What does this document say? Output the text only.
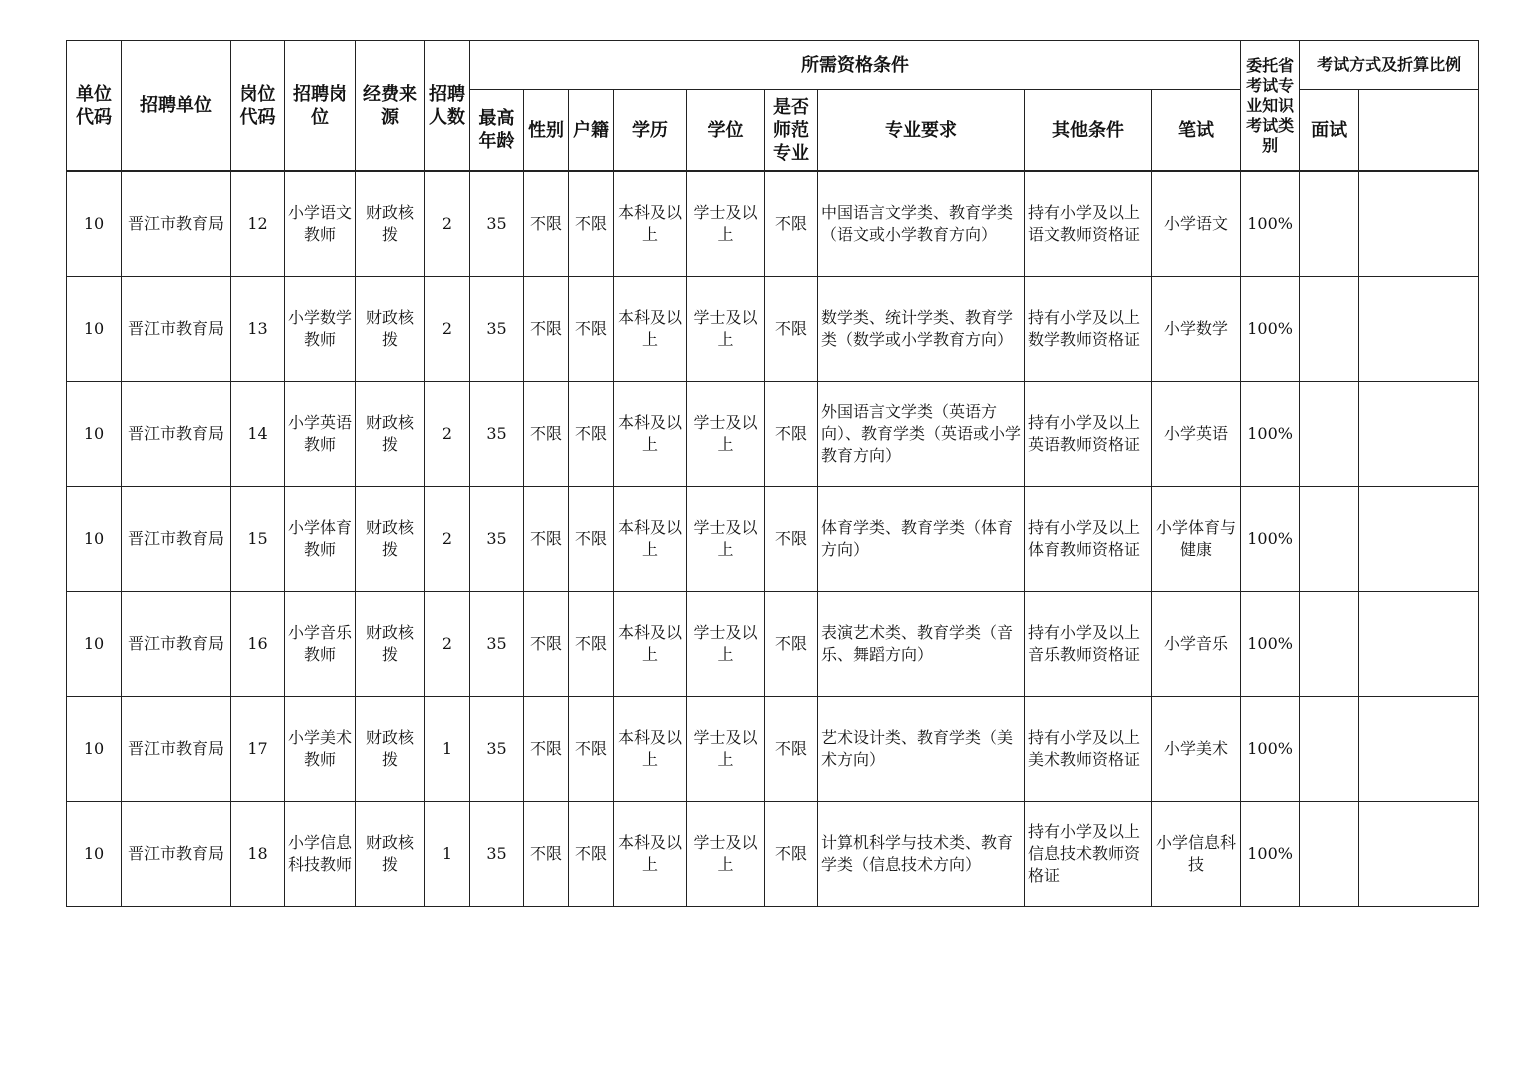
单位代码	招聘单位	岗位代码	招聘岗位	经费来源	招聘人数	所需资格条件									委托省考试专业知识考试类别	考试方式及折算比例	
						最高年龄	性别	户籍	学历	学位	是否师范专业	专业要求	其他条件	笔试		面试		
10	晋江市教育局	12	小学语文教师	财政核拨	2	35	不限	不限	本科及以上	学士及以上	不限	中国语言文学类、教育学类（语文或小学教育方向）	持有小学及以上语文教师资格证	小学语文	100%			
10	晋江市教育局	13	小学数学教师	财政核拨	2	35	不限	不限	本科及以上	学士及以上	不限	数学类、统计学类、教育学类（数学或小学教育方向）	持有小学及以上数学教师资格证	小学数学	100%			
10	晋江市教育局	14	小学英语教师	财政核拨	2	35	不限	不限	本科及以上	学士及以上	不限	外国语言文学类（英语方向）、教育学类（英语或小学教育方向）	持有小学及以上英语教师资格证	小学英语	100%			
10	晋江市教育局	15	小学体育教师	财政核拨	2	35	不限	不限	本科及以上	学士及以上	不限	体育学类、教育学类（体育方向）	持有小学及以上体育教师资格证	小学体育与健康	100%			
10	晋江市教育局	16	小学音乐教师	财政核拨	2	35	不限	不限	本科及以上	学士及以上	不限	表演艺术类、教育学类（音乐、舞蹈方向）	持有小学及以上音乐教师资格证	小学音乐	100%			
10	晋江市教育局	17	小学美术教师	财政核拨	1	35	不限	不限	本科及以上	学士及以上	不限	艺术设计类、教育学类（美术方向）	持有小学及以上美术教师资格证	小学美术	100%			
10	晋江市教育局	18	小学信息科技教师	财政核拨	1	35	不限	不限	本科及以上	学士及以上	不限	计算机科学与技术类、教育学类（信息技术方向）	持有小学及以上信息技术教师资格证	小学信息科技	100%			
